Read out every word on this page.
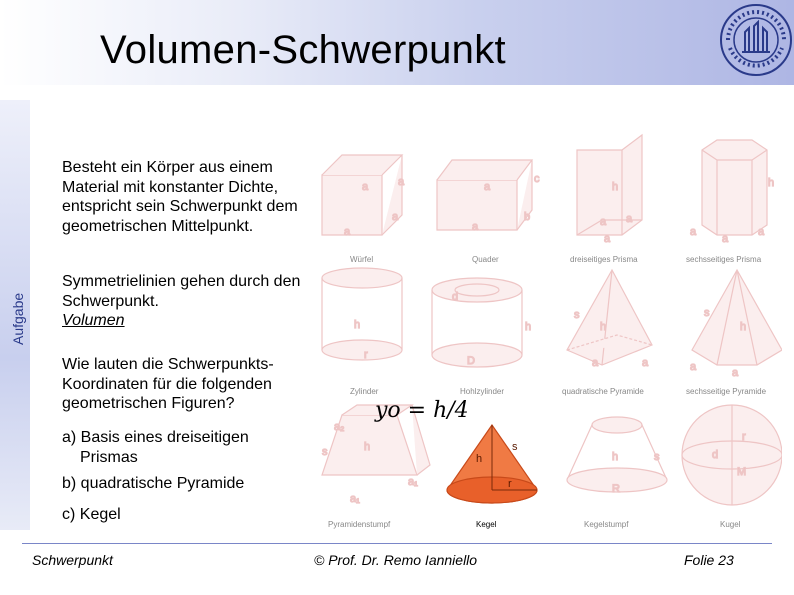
Volumen-Schwerpunkt
Aufgabe
Besteht ein Körper aus einem Material mit konstanter Dichte, entspricht sein Schwerpunkt dem geometrischen Mittelpunkt.
Symmetrielinien gehen durch den Schwerpunkt.
Volumen
Wie lauten die Schwerpunkts-Koordinaten für die folgenden geometrischen Figuren?
a) Basis eines dreiseitigen
Prismas
b) quadratische Pyramide
c) Kegel
a	a
a
a
a
c
b
a
h
a a
a
h
a
a
a
h
r
d
h
D
h
s
a	a
h
s
a	a
a₂
h
s
a₁
a₁
h	s
R
d
M
r
h
s
r
Würfel	Quader	dreiseitiges Prisma	sechsseitiges Prisma
Zylinder	Hohlzylinder	quadratische Pyramide	sechsseitige Pyramide
Pyramidenstumpf	Kegel	Kegelstumpf	Kugel
yo = h/4
Schwerpunkt	© Prof. Dr. Remo Ianniello	Folie 23
